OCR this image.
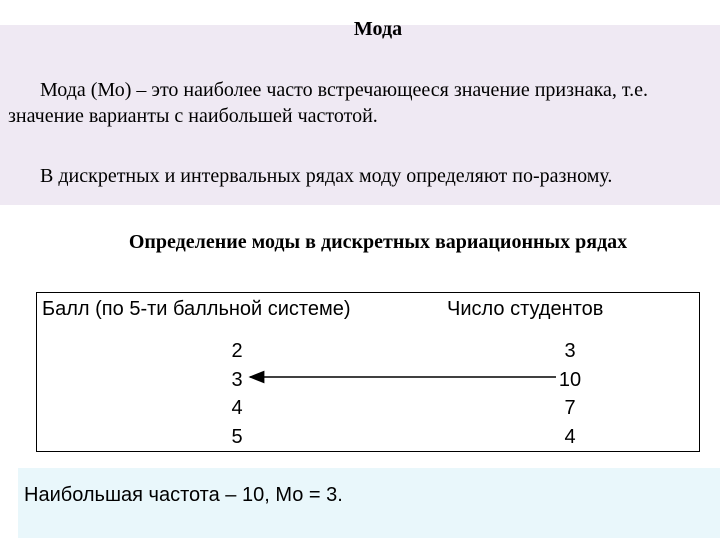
Мода
Мода (Мо) – это наиболее часто встречающееся значение признака, т.е. значение варианты с наибольшей частотой.
В дискретных и интервальных рядах моду определяют по-разному.
Определение моды в дискретных вариационных рядах
Балл (по 5-ти балльной системе)	Число студентов
2
3
4
5
3
10
7
4
Наибольшая частота – 10, Мо = 3.
